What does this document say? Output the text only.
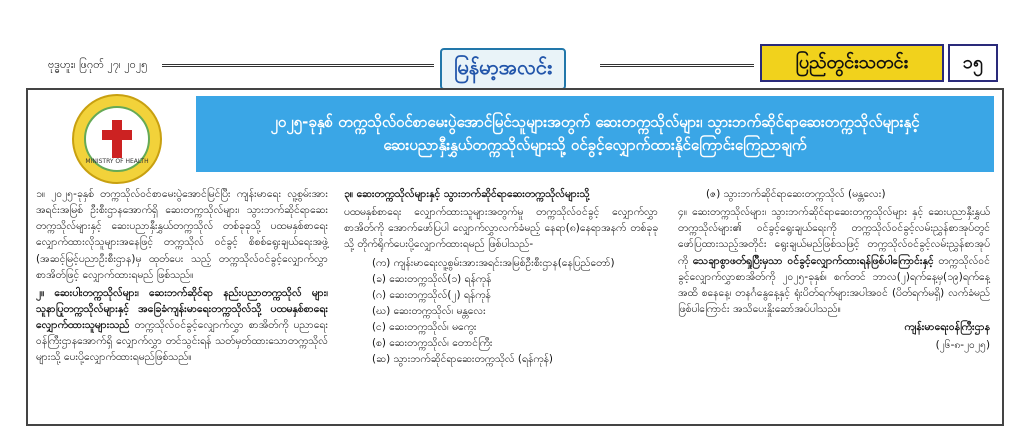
ဗုဒ္ဓဟူး၊ ဖြဂုတ် ၂၇၊ ၂၀၂၅	မြန်မာ့အလင်း	ပြည်တွင်းသတင်း	၁၅
MINISTRY OF HEALTH
၂၀၂၅-ခုနှစ် တက္ကသိုလ်ဝင်စာမေးပွဲအောင်မြင်သူများအတွက် ဆေးတက္ကသိုလ်များ၊ သွားဘက်ဆိုင်ရာဆေးတက္ကသိုလ်များနှင့်
ဆေးပညာနှီးနွှယ်တက္ကသိုလ်များသို့ ဝင်ခွင့်လျှောက်ထားနိုင်ကြောင်းကြေညာချက်

၁။ ၂၀၂၅-ခုနှစ် တက္ကသိုလ်ဝင်စာမေးပွဲအောင်မြင်ပြီး ကျန်းမာရေး လူ့စွမ်းအားအရင်းအမြစ် ဦးစီးဌာနအောက်ရှိ ဆေးတက္ကသိုလ်များ၊ သွားဘက်ဆိုင်ရာဆေးတက္ကသိုလ်များနှင့် ဆေးပညာနှီးနွှယ်တက္ကသိုလ် တစ်ခုခုသို့ ပထမနှစ်စာရေးလျှောက်ထားလိုသူများအနေဖြင့် တက္ကသိုလ် ဝင်ခွင့် စိစစ်ရွေးချယ်ရေးအဖွဲ့ (အဆင့်မြင့်ပညာဦးစီးဌာန)မှ ထုတ်ပေး သည့် တက္ကသိုလ်ဝင်ခွင့်လျှောက်လွှာစာအိတ်ဖြင့် လျှောက်ထားရမည် ဖြစ်သည်။

၂။ ဆေးပါးတက္ကသိုလ်များ၊ ဆေးဘက်ဆိုင်ရာ နည်းပညာတက္ကသိုလ် များ၊ သူနာပြုတက္ကသိုလ်များနှင့် အခြေခံကျန်းမာရေးတက္ကသိုလ်သို့ ပထမနှစ်စာရေးလျှောက်ထားသူများသည် တက္ကသိုလ်ဝင်ခွင့်လျှောက်လွှာ စာအိတ်ကို ပညာရေးဝန်ကြီးဌာနအောက်ရှိ လျှောက်လွှာ တင်သွင်းရန် သတ်မှတ်ထားသောတက္ကသိုလ်များသို့ ပေးပို့လျှောက်ထားရမည်ဖြစ်သည်။

၃။ ဆေးတက္ကသိုလ်များနှင့် သွားဘက်ဆိုင်ရာဆေးတက္ကသိုလ်များသို့

ပထမနှစ်စာရေး လျှောက်ထားသူများအတွက်မှု တက္ကသိုလ်ဝင်ခွင့် လျှောက်လွှာစာအိတ်ကို အောက်ဖော်ပြပါ လျှောက်လွှာလက်ခံမည့် နေရာ(၈)နေရာအနက် တစ်ခုခုသို့ တိုက်ရိုက်ပေးပို့လျှောက်ထားရမည် ဖြစ်ပါသည်-

(က) ကျန်းမာရေးလူ့စွမ်းအားအရင်းအမြစ်ဦးစီးဌာန(နေပြည်တော်)
(ခ) ဆေးတက္ကသိုလ်(၁) ရန်ကုန်
(ဂ) ဆေးတက္ကသိုလ်(၂) ရန်ကုန်
(ဃ) ဆေးတက္ကသိုလ်၊ မန္တလေး
(င) ဆေးတက္ကသိုလ်၊ မကွေး
(စ) ဆေးတက္ကသိုလ်၊ တောင်ကြီး
(ဆ) သွားဘက်ဆိုင်ရာဆေးတက္ကသိုလ် (ရန်ကုန်)

(ဇ) သွားဘက်ဆိုင်ရာဆေးတက္ကသိုလ် (မန္တလေး)

၄။ ဆေးတက္ကသိုလ်များ၊ သွားဘက်ဆိုင်ရာဆေးတက္ကသိုလ်များ နှင့် ဆေးပညာနှီးနွှယ်တက္ကသိုလ်များ၏ ဝင်ခွင့်ရွေးချယ်ရေးကို တက္ကသိုလ်ဝင်ခွင့်လမ်းညွှန်စာအုပ်တွင် ဖော်ပြထားသည့်အတိုင်း ရွေးချယ်မည်ဖြစ်သဖြင့် တက္ကသိုလ်ဝင်ခွင့်လမ်းညွှန်စာအုပ်ကို သေချာစွာဖတ်ရှုပြီးမှသာ ဝင်ခွင့်လျှောက်ထားရန်ဖြစ်ပါကြောင်းနှင့် တက္ကသိုလ်ဝင်ခွင့်လျှောက်လွှာစာအိတ်ကို ၂၀၂၅-ခုနှစ်၊ စက်တင် ဘာလ(၂)ရက်နေ့မှ(၁၉)ရက်နေ့အထိ စနေနေ့၊ တနင်္ဂနွေနေ့နှင့် ရုံးပိတ်ရက်များအပါအဝင် (ပိတ်ရက်မရှိ) လက်ခံမည်ဖြစ်ပါကြောင်း အသိပေးနှိုးဆော်အပ်ပါသည်။

ကျန်းမာရေးဝန်ကြီးဌာန

(၂၆-၈-၂၀၂၅)
